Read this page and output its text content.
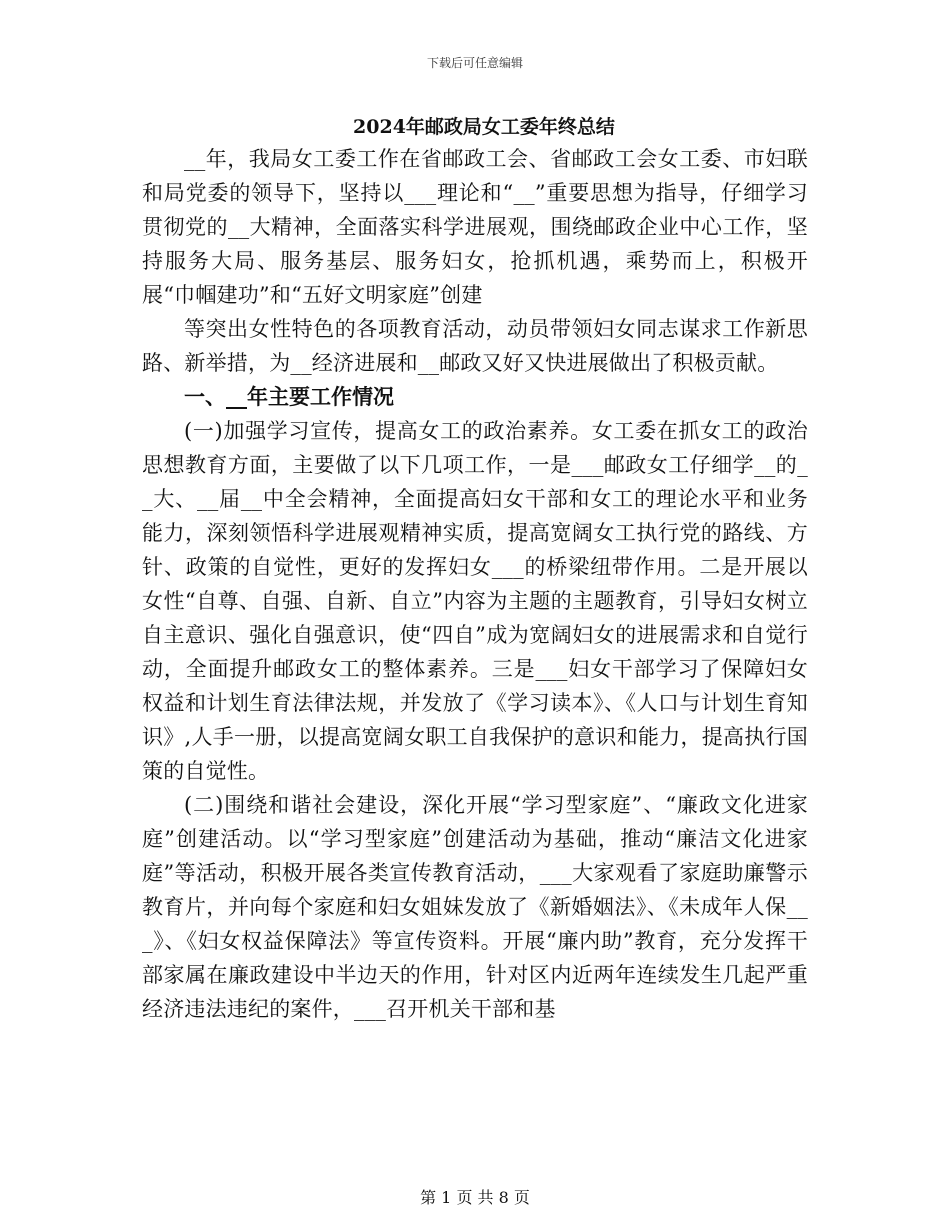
下载后可任意编辑
2024年邮政局女工委年终总结

__年，我局女工委工作在省邮政工会、省邮政工会女工委、市妇联和局党委的领导下，坚持以___理论和“__”重要思想为指导，仔细学习贯彻党的__大精神，全面落实科学进展观，围绕邮政企业中心工作，坚持服务大局、服务基层、服务妇女，抢抓机遇，乘势而上，积极开展“巾帼建功”和“五好文明家庭”创建

等突出女性特色的各项教育活动，动员带领妇女同志谋求工作新思路、新举措，为__经济进展和__邮政又好又快进展做出了积极贡献。

一、__年主要工作情况

(一)加强学习宣传，提高女工的政治素养。女工委在抓女工的政治思想教育方面，主要做了以下几项工作，一是___邮政女工仔细学__的__大、__届__中全会精神，全面提高妇女干部和女工的理论水平和业务能力，深刻领悟科学进展观精神实质，提高宽阔女工执行党的路线、方针、政策的自觉性，更好的发挥妇女___的桥梁纽带作用。二是开展以女性“自尊、自强、自新、自立”内容为主题的主题教育，引导妇女树立自主意识、强化自强意识，使“四自”成为宽阔妇女的进展需求和自觉行动，全面提升邮政女工的整体素养。三是___妇女干部学习了保障妇女权益和计划生育法律法规，并发放了《学习读本》、《人口与计划生育知识》,人手一册，以提高宽阔女职工自我保护的意识和能力，提高执行国策的自觉性。

(二)围绕和谐社会建设，深化开展“学习型家庭”、“廉政文化进家庭”创建活动。以“学习型家庭”创建活动为基础，推动“廉洁文化进家庭”等活动，积极开展各类宣传教育活动，___大家观看了家庭助廉警示教育片，并向每个家庭和妇女姐妹发放了《新婚姻法》、《未成年人保___》、《妇女权益保障法》等宣传资料。开展“廉内助”教育，充分发挥干部家属在廉政建设中半边天的作用，针对区内近两年连续发生几起严重经济违法违纪的案件，___召开机关干部和基

第 1 页 共 8 页
